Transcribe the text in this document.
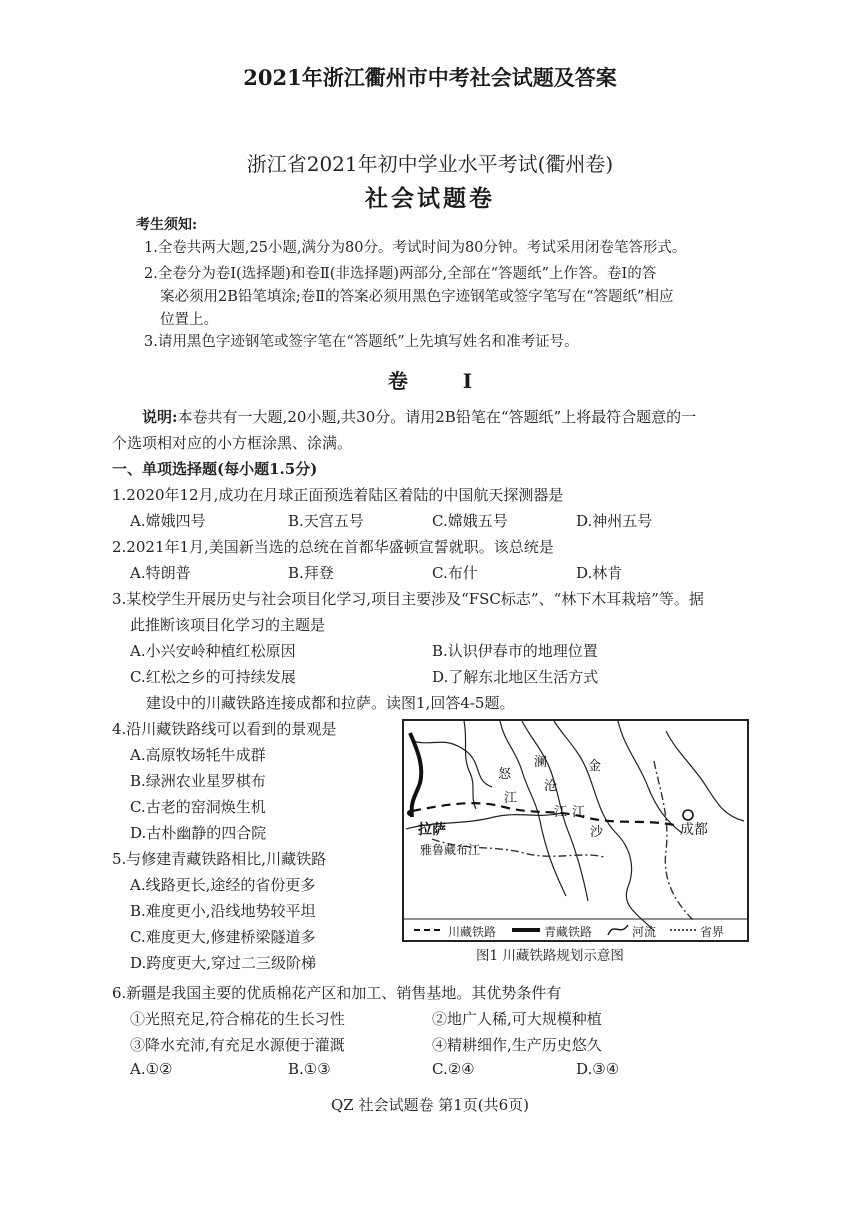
2021年浙江衢州市中考社会试题及答案
浙江省2021年初中学业水平考试(衢州卷)
社会试题卷
考生须知:
1.全卷共两大题,25小题,满分为80分。考试时间为80分钟。考试采用闭卷笔答形式。
2.全卷分为卷Ⅰ(选择题)和卷Ⅱ(非选择题)两部分,全部在“答题纸”上作答。卷Ⅰ的答
案必须用2B铅笔填涂;卷Ⅱ的答案必须用黑色字迹钢笔或签字笔写在“答题纸”相应
位置上。
3.请用黑色字迹钢笔或签字笔在“答题纸”上先填写姓名和准考证号。
卷 Ⅰ
说明:本卷共有一大题,20小题,共30分。请用2B铅笔在“答题纸”上将最符合题意的一
个选项相对应的小方框涂黑、涂满。
一、单项选择题(每小题1.5分)
1.2020年12月,成功在月球正面预选着陆区着陆的中国航天探测器是
A.嫦娥四号	B.天宫五号	C.嫦娥五号	D.神州五号
2.2021年1月,美国新当选的总统在首都华盛顿宣誓就职。该总统是
A.特朗普	B.拜登	C.布什	D.林肯
3.某校学生开展历史与社会项目化学习,项目主要涉及“FSC标志”、“林下木耳栽培”等。据
此推断该项目化学习的主题是
A.小兴安岭种植红松原因	B.认识伊春市的地理位置
C.红松之乡的可持续发展	D.了解东北地区生活方式
建设中的川藏铁路连接成都和拉萨。读图1,回答4-5题。
4.沿川藏铁路线可以看到的景观是
A.高原牧场牦牛成群
B.绿洲农业星罗棋布
C.古老的窑洞焕生机
D.古朴幽静的四合院
5.与修建青藏铁路相比,川藏铁路
A.线路更长,途经的省份更多
B.难度更小,沿线地势较平坦
C.难度更大,修建桥梁隧道多
D.跨度更大,穿过二三级阶梯
拉萨	成都
雅鲁藏布江
怒
江
澜
沧
江
金
沙
江
川藏铁路	青藏铁路	河流	省界
图1 川藏铁路规划示意图
6.新疆是我国主要的优质棉花产区和加工、销售基地。其优势条件有
①光照充足,符合棉花的生长习性	②地广人稀,可大规模种植
③降水充沛,有充足水源便于灌溉	④精耕细作,生产历史悠久
A.①②	B.①③	C.②④	D.③④
QZ 社会试题卷 第1页(共6页)
